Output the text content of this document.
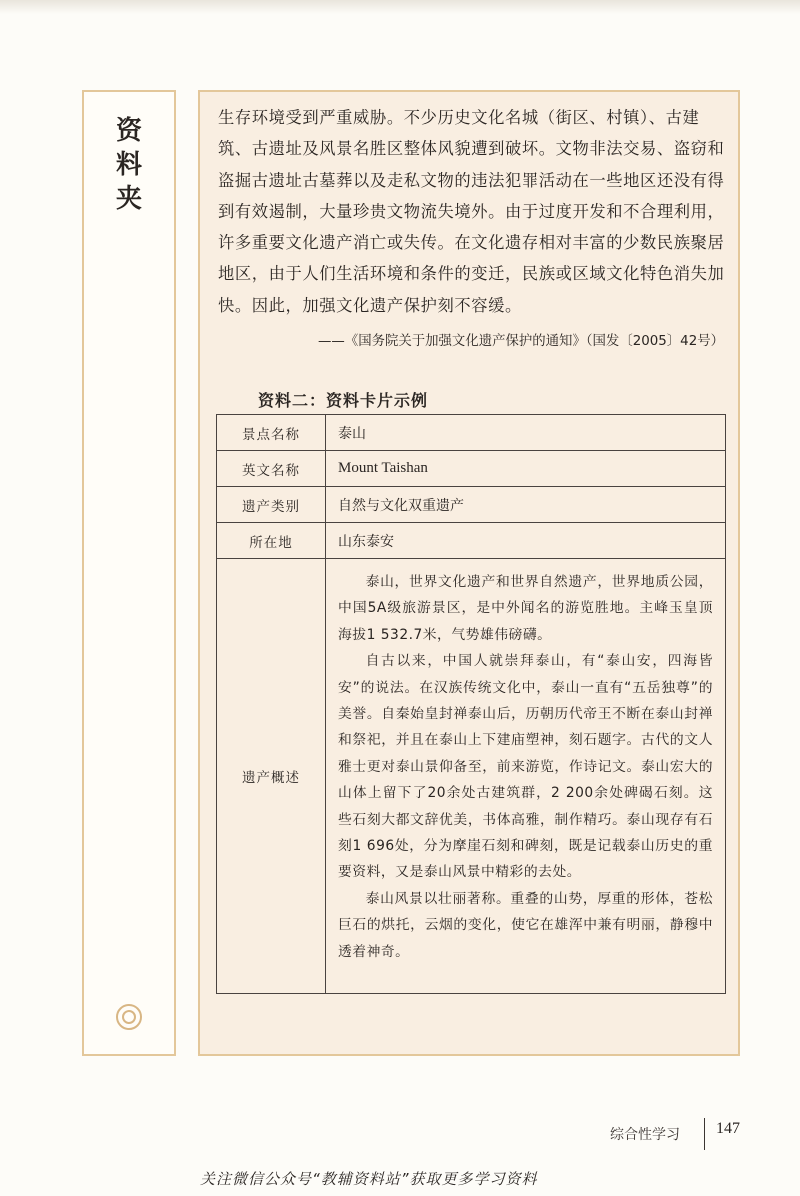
资
料
夹

生存环境受到严重威胁。不少历史文化名城（街区、村镇）、古建筑、古遗址及风景名胜区整体风貌遭到破坏。文物非法交易、盗窃和盗掘古遗址古墓葬以及走私文物的违法犯罪活动在一些地区还没有得到有效遏制，大量珍贵文物流失境外。由于过度开发和不合理利用，许多重要文化遗产消亡或失传。在文化遗存相对丰富的少数民族聚居地区，由于人们生活环境和条件的变迁，民族或区域文化特色消失加快。因此，加强文化遗产保护刻不容缓。

——《国务院关于加强文化遗产保护的通知》（国发〔2005〕42号）
资料二：资料卡片示例
景点名称	泰山
英文名称	Mount Taishan
遗产类别	自然与文化双重遗产
所在地	山东泰安
遗产概述	泰山，世界文化遗产和世界自然遗产，世界地质公园，中国5A级旅游景区，是中外闻名的游览胜地。主峰玉皇顶海拔1 532.7米，气势雄伟磅礴。

自古以来，中国人就崇拜泰山，有“泰山安，四海皆安”的说法。在汉族传统文化中，泰山一直有“五岳独尊”的美誉。自秦始皇封禅泰山后，历朝历代帝王不断在泰山封禅和祭祀，并且在泰山上下建庙塑神，刻石题字。古代的文人雅士更对泰山景仰备至，前来游览，作诗记文。泰山宏大的山体上留下了20余处古建筑群，2 200余处碑碣石刻。这些石刻大都文辞优美，书体高雅，制作精巧。泰山现存有石刻1 696处，分为摩崖石刻和碑刻，既是记载泰山历史的重要资料，又是泰山风景中精彩的去处。

泰山风景以壮丽著称。重叠的山势，厚重的形体，苍松巨石的烘托，云烟的变化，使它在雄浑中兼有明丽，静穆中透着神奇。

综合性学习 147
关注微信公众号“教辅资料站”获取更多学习资料
